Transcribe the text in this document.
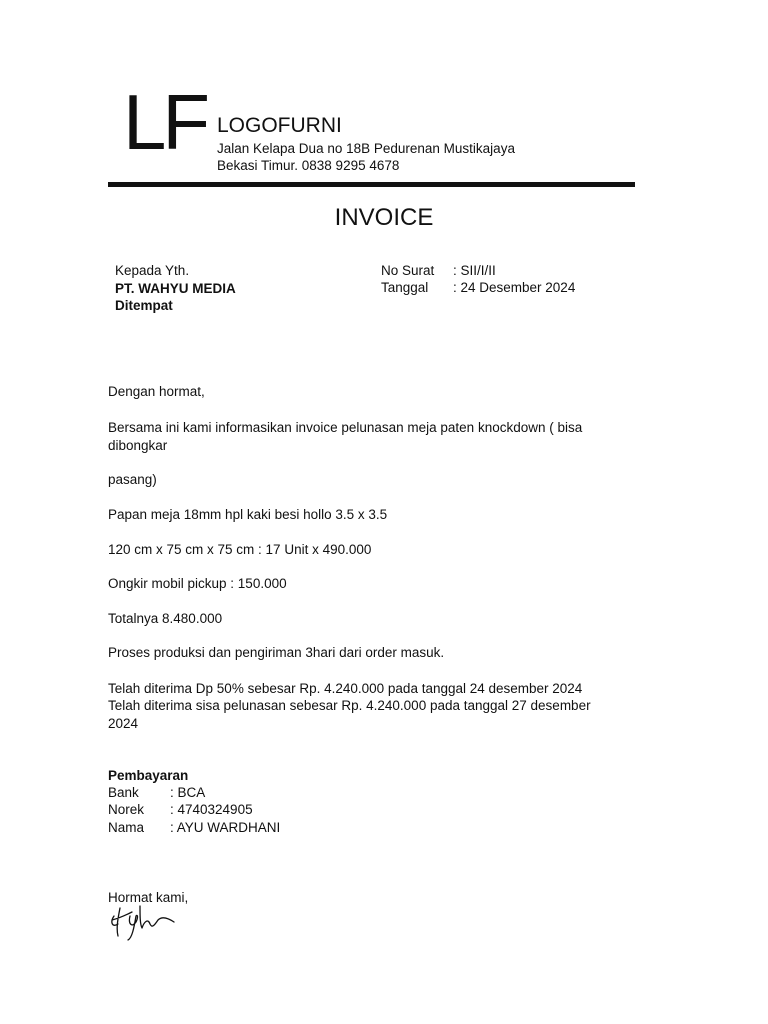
LF LOGOFURNI
Jalan Kelapa Dua no 18B Pedurenan Mustikajaya
Bekasi Timur. 0838 9295 4678
INVOICE
Kepada Yth.
PT. WAHYU MEDIA
Ditempat
No Surat : SII/I/II
Tanggal : 24 Desember 2024
Dengan hormat,
Bersama ini kami informasikan invoice pelunasan meja paten knockdown ( bisa
dibongkar
pasang)
Papan meja 18mm hpl kaki besi hollo 3.5 x 3.5
120 cm x 75 cm x 75 cm : 17 Unit x 490.000
Ongkir mobil pickup : 150.000
Totalnya 8.480.000
Proses produksi dan pengiriman 3hari dari order masuk.
Telah diterima Dp 50% sebesar Rp. 4.240.000 pada tanggal 24 desember 2024
Telah diterima sisa pelunasan sebesar Rp. 4.240.000 pada tanggal 27 desember
2024
Pembayaran
Bank : BCA
Norek : 4740324905
Nama : AYU WARDHANI
Hormat kami,
